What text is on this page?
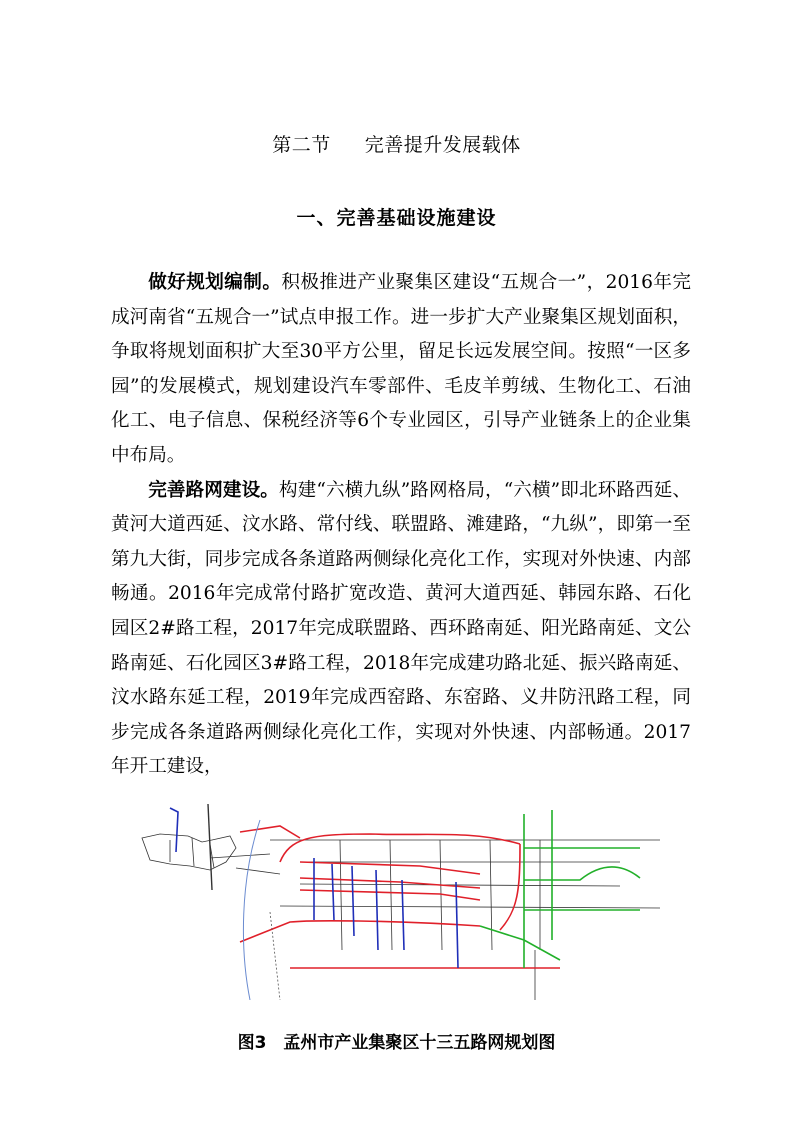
第二节 完善提升发展载体
一、完善基础设施建设

做好规划编制。积极推进产业聚集区建设“五规合一”，2016年完成河南省“五规合一”试点申报工作。进一步扩大产业聚集区规划面积，争取将规划面积扩大至30平方公里，留足长远发展空间。按照“一区多园”的发展模式，规划建设汽车零部件、毛皮羊剪绒、生物化工、石油化工、电子信息、保税经济等6个专业园区，引导产业链条上的企业集中布局。

完善路网建设。构建“六横九纵”路网格局，“六横”即北环路西延、黄河大道西延、汶水路、常付线、联盟路、滩建路，“九纵”，即第一至第九大街，同步完成各条道路两侧绿化亮化工作，实现对外快速、内部畅通。2016年完成常付路扩宽改造、黄河大道西延、韩园东路、石化园区2#路工程，2017年完成联盟路、西环路南延、阳光路南延、文公路南延、石化园区3#路工程，2018年完成建功路北延、振兴路南延、汶水路东延工程，2019年完成西窑路、东窑路、义井防汛路工程，同步完成各条道路两侧绿化亮化工作，实现对外快速、内部畅通。2017年开工建设，

图3　孟州市产业集聚区十三五路网规划图
